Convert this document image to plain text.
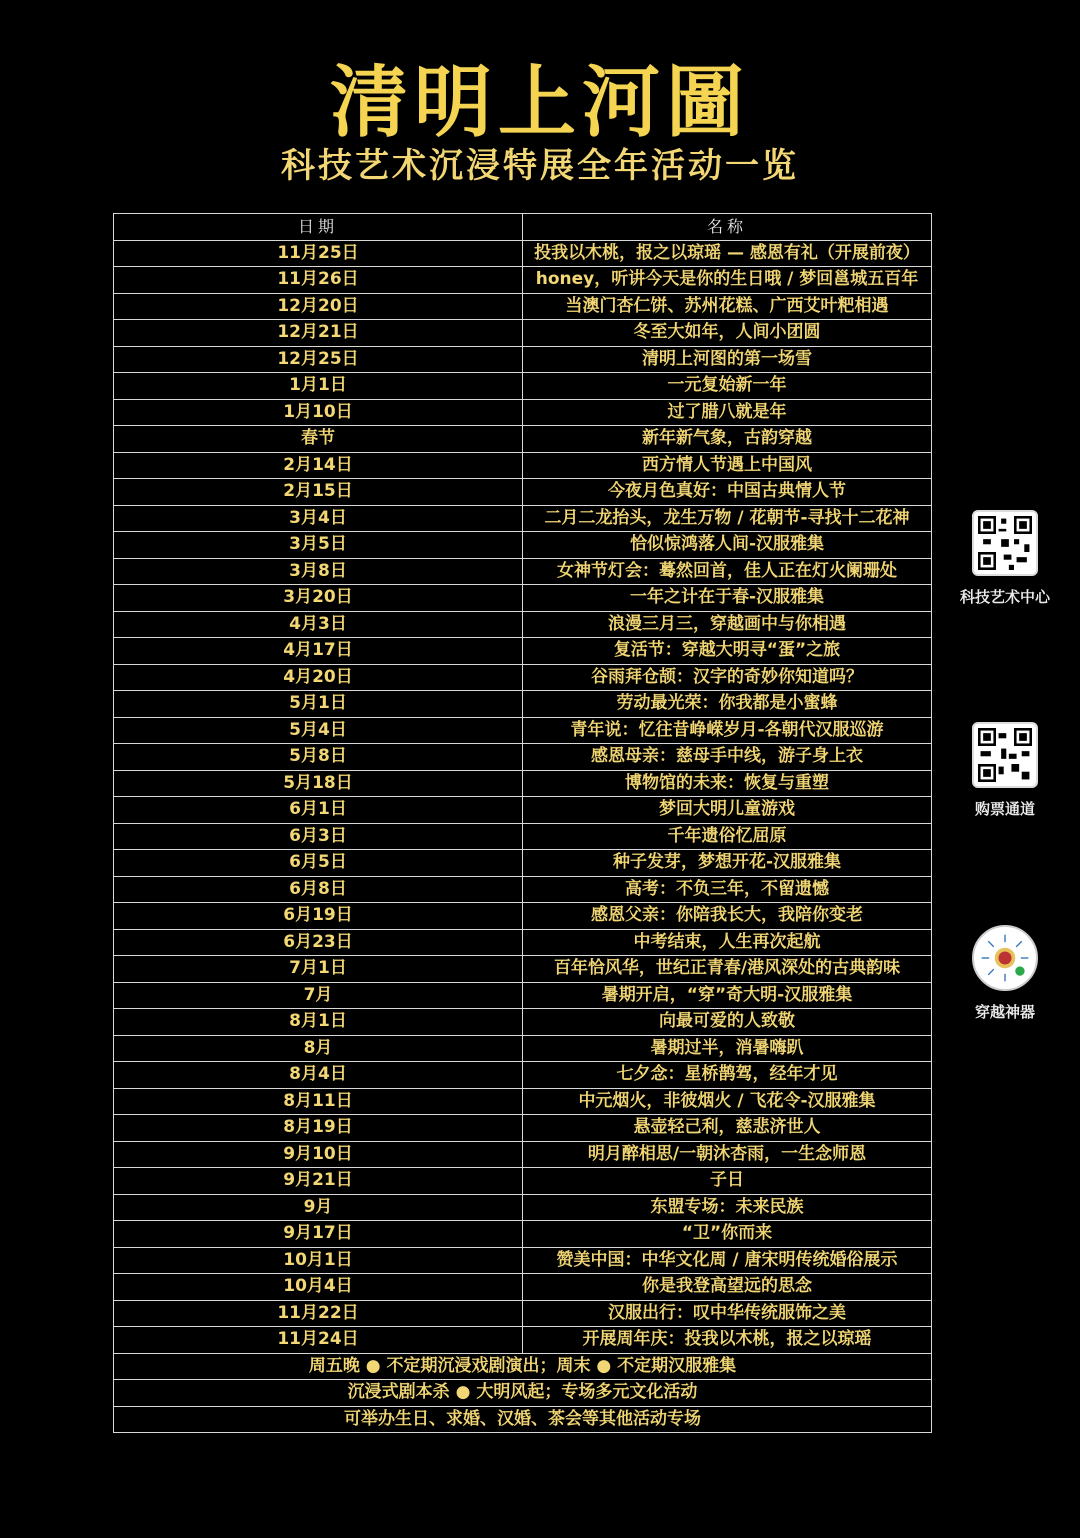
清明上河圖
科技艺术沉浸特展全年活动一览
日期	名称
11月25日	投我以木桃，报之以琼瑶 — 感恩有礼（开展前夜）
11月26日	honey，听讲今天是你的生日哦 / 梦回邕城五百年
12月20日	当澳门杏仁饼、苏州花糕、广西艾叶粑相遇
12月21日	冬至大如年，人间小团圆
12月25日	清明上河图的第一场雪
1月1日	一元复始新一年
1月10日	过了腊八就是年
春节	新年新气象，古韵穿越
2月14日	西方情人节遇上中国风
2月15日	今夜月色真好：中国古典情人节
3月4日	二月二龙抬头，龙生万物 / 花朝节-寻找十二花神
3月5日	恰似惊鸿落人间-汉服雅集
3月8日	女神节灯会：蓦然回首，佳人正在灯火阑珊处
3月20日	一年之计在于春-汉服雅集
4月3日	浪漫三月三，穿越画中与你相遇
4月17日	复活节：穿越大明寻“蛋”之旅
4月20日	谷雨拜仓颉：汉字的奇妙你知道吗？
5月1日	劳动最光荣：你我都是小蜜蜂
5月4日	青年说：忆往昔峥嵘岁月-各朝代汉服巡游
5月8日	感恩母亲：慈母手中线，游子身上衣
5月18日	博物馆的未来：恢复与重塑
6月1日	梦回大明儿童游戏
6月3日	千年遗俗忆屈原
6月5日	种子发芽，梦想开花-汉服雅集
6月8日	高考：不负三年，不留遗憾
6月19日	感恩父亲：你陪我长大，我陪你变老
6月23日	中考结束，人生再次起航
7月1日	百年恰风华，世纪正青春/港风深处的古典韵味
7月	暑期开启，“穿”奇大明-汉服雅集
8月1日	向最可爱的人致敬
8月	暑期过半，消暑嗨趴
8月4日	七夕念：星桥鹊驾，经年才见
8月11日	中元烟火，非彼烟火 / 飞花令-汉服雅集
8月19日	悬壶轻己利，慈悲济世人
9月10日	明月醉相思/一朝沐杏雨，一生念师恩
9月21日	子日
9月	东盟专场：未来民族
9月17日	“卫”你而来
10月1日	赞美中国：中华文化周 / 唐宋明传统婚俗展示
10月4日	你是我登高望远的思念
11月22日	汉服出行：叹中华传统服饰之美
11月24日	开展周年庆：投我以木桃，报之以琼瑶
周五晚 ● 不定期沉浸戏剧演出；周末 ● 不定期汉服雅集	
沉浸式剧本杀 ● 大明风起；专场多元文化活动	
可举办生日、求婚、汉婚、茶会等其他活动专场	
科技艺术中心
购票通道
穿越神器
